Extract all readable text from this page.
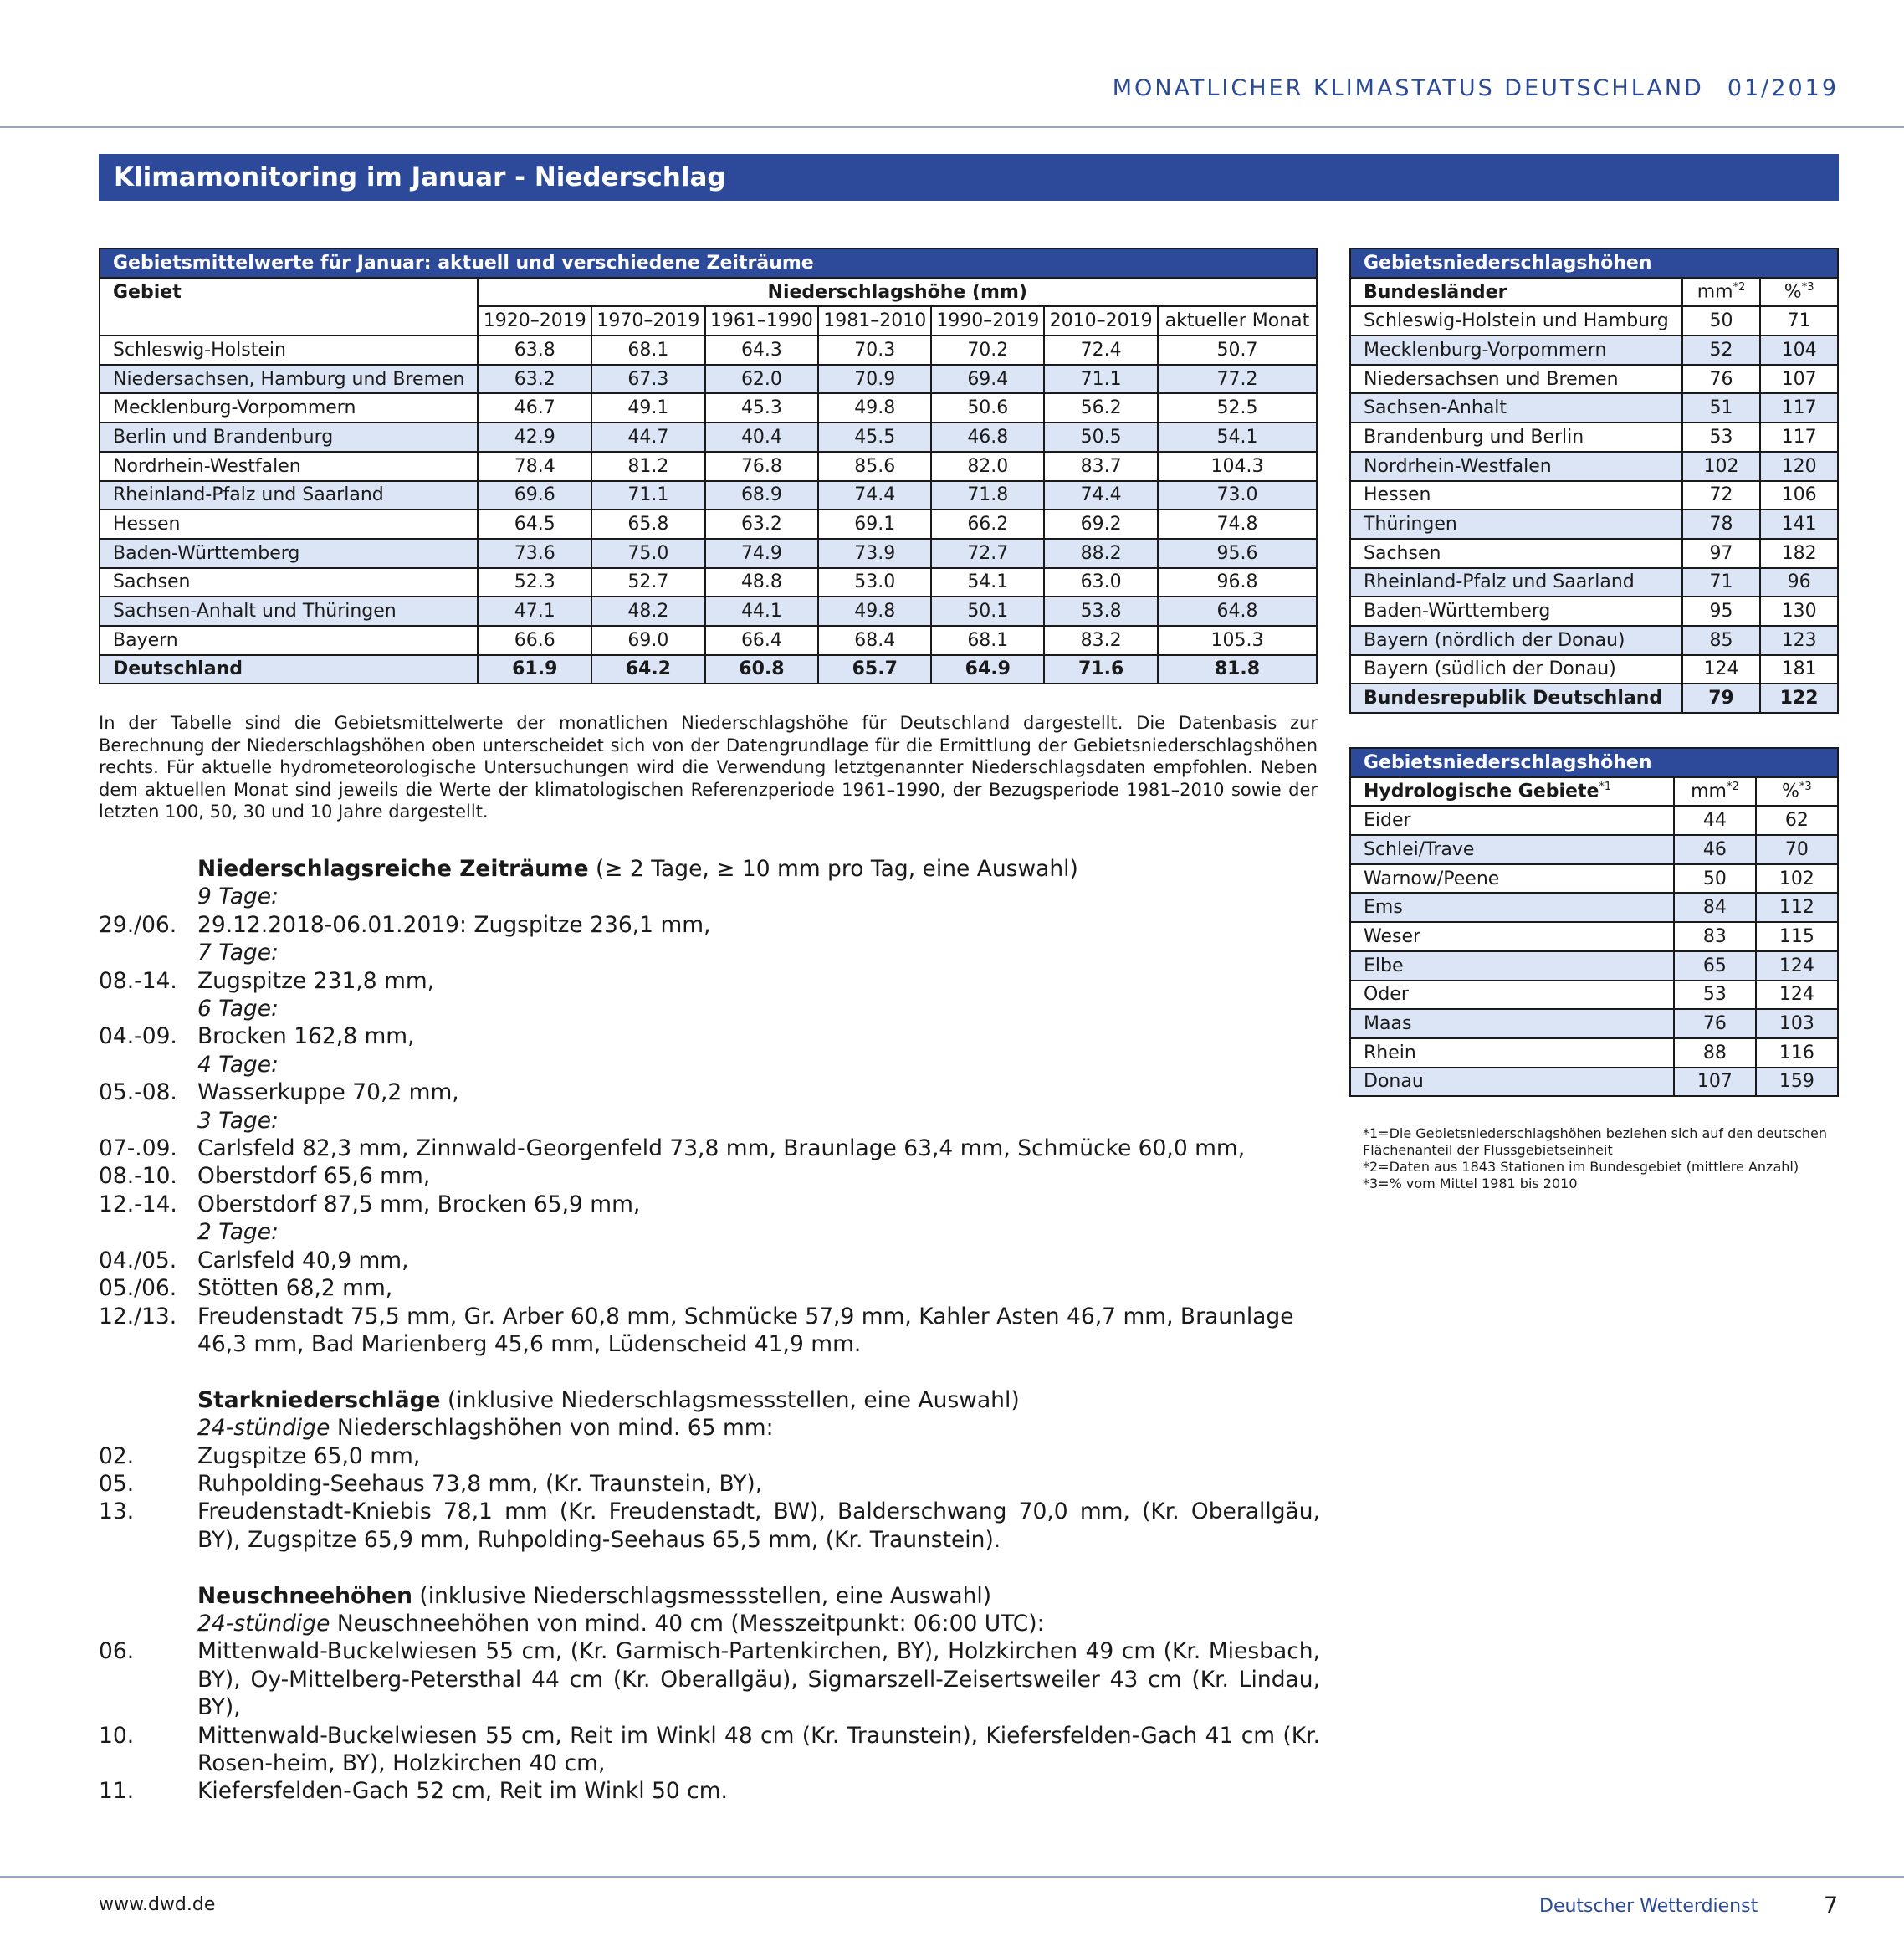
MONATLICHER KLIMASTATUS DEUTSCHLAND 01/2019
Klimamonitoring im Januar - Niederschlag
Gebietsmittelwerte für Januar: aktuell und verschiedene Zeiträume							
Gebiet	Niederschlagshöhe (mm)						
	1920–2019	1970–2019	1961–1990	1981–2010	1990–2019	2010–2019	aktueller Monat
Schleswig-Holstein	63.8	68.1	64.3	70.3	70.2	72.4	50.7
Niedersachsen, Hamburg und Bremen	63.2	67.3	62.0	70.9	69.4	71.1	77.2
Mecklenburg-Vorpommern	46.7	49.1	45.3	49.8	50.6	56.2	52.5
Berlin und Brandenburg	42.9	44.7	40.4	45.5	46.8	50.5	54.1
Nordrhein-Westfalen	78.4	81.2	76.8	85.6	82.0	83.7	104.3
Rheinland-Pfalz und Saarland	69.6	71.1	68.9	74.4	71.8	74.4	73.0
Hessen	64.5	65.8	63.2	69.1	66.2	69.2	74.8
Baden-Württemberg	73.6	75.0	74.9	73.9	72.7	88.2	95.6
Sachsen	52.3	52.7	48.8	53.0	54.1	63.0	96.8
Sachsen-Anhalt und Thüringen	47.1	48.2	44.1	49.8	50.1	53.8	64.8
Bayern	66.6	69.0	66.4	68.4	68.1	83.2	105.3
Deutschland	61.9	64.2	60.8	65.7	64.9	71.6	81.8
In der Tabelle sind die Gebietsmittelwerte der monatlichen Niederschlagshöhe für Deutschland dargestellt. Die Datenbasis zur Berechnung der Niederschlagshöhen oben unterscheidet sich von der Datengrundlage für die Ermittlung der Gebietsniederschlagshöhen rechts. Für aktuelle hydrometeorologische Untersuchungen wird die Verwendung letztgenannter Niederschlagsdaten empfohlen. Neben dem aktuellen Monat sind jeweils die Werte der klimatologischen Referenzperiode 1961–1990, der Bezugsperiode 1981–2010 sowie der letzten 100, 50, 30 und 10 Jahre dargestellt.
Gebietsniederschlagshöhen		
Bundesländer	$mm^{*2}$	%$^{*3}$
Schleswig-Holstein und Hamburg	50	71
Mecklenburg-Vorpommern	52	104
Niedersachsen und Bremen	76	107
Sachsen-Anhalt	51	117
Brandenburg und Berlin	53	117
Nordrhein-Westfalen	102	120
Hessen	72	106
Thüringen	78	141
Sachsen	97	182
Rheinland-Pfalz und Saarland	71	96
Baden-Württemberg	95	130
Bayern (nördlich der Donau)	85	123
Bayern (südlich der Donau)	124	181
Bundesrepublik Deutschland	79	122
Gebietsniederschlagshöhen		
Hydrologische Gebiete$^{*1}$	$mm^{*2}$	%$^{*3}$
Eider	44	62
Schlei/Trave	46	70
Warnow/Peene	50	102
Ems	84	112
Weser	83	115
Elbe	65	124
Oder	53	124
Maas	76	103
Rhein	88	116
Donau	107	159
*1=Die Gebietsniederschlagshöhen beziehen sich auf den deutschen Flächenanteil der Flussgebietseinheit
*2=Daten aus 1843 Stationen im Bundesgebiet (mittlere Anzahl)
*3=% vom Mittel 1981 bis 2010
Niederschlagsreiche Zeiträume (≥ 2 Tage, ≥ 10 mm pro Tag, eine Auswahl)
9 Tage:
29./06. 29.12.2018-06.01.2019: Zugspitze 236,1 mm,
7 Tage:
08.-14. Zugspitze 231,8 mm,
6 Tage:
04.-09. Brocken 162,8 mm,
4 Tage:
05.-08. Wasserkuppe 70,2 mm,
3 Tage:
07-.09. Carlsfeld 82,3 mm, Zinnwald-Georgenfeld 73,8 mm, Braunlage 63,4 mm, Schmücke 60,0 mm,
08.-10. Oberstdorf 65,6 mm,
12.-14. Oberstdorf 87,5 mm, Brocken 65,9 mm,
2 Tage:
04./05. Carlsfeld 40,9 mm,
05./06. Stötten 68,2 mm,
12./13. Freudenstadt 75,5 mm, Gr. Arber 60,8 mm, Schmücke 57,9 mm, Kahler Asten 46,7 mm, Braunlage 46,3 mm, Bad Marienberg 45,6 mm, Lüdenscheid 41,9 mm.
Starkniederschläge (inklusive Niederschlagsmessstellen, eine Auswahl)
24-stündige Niederschlagshöhen von mind. 65 mm:
02.	Zugspitze 65,0 mm,
05.	Ruhpolding-Seehaus 73,8 mm, (Kr. Traunstein, BY),
13.	Freudenstadt-Kniebis 78,1 mm (Kr. Freudenstadt, BW), Balderschwang 70,0 mm, (Kr. Oberallgäu, BY), Zugspitze 65,9 mm, Ruhpolding-Seehaus 65,5 mm, (Kr. Traunstein).
Neuschneehöhen (inklusive Niederschlagsmessstellen, eine Auswahl)
24-stündige Neuschneehöhen von mind. 40 cm (Messzeitpunkt: 06:00 UTC):
06.	Mittenwald-Buckelwiesen 55 cm, (Kr. Garmisch-Partenkirchen, BY), Holzkirchen 49 cm (Kr. Miesbach, BY), Oy-Mittelberg-Petersthal 44 cm (Kr. Oberallgäu), Sigmarszell-Zeisertsweiler 43 cm (Kr. Lindau, BY),
10.	Mittenwald-Buckelwiesen 55 cm, Reit im Winkl 48 cm (Kr. Traunstein), Kiefersfelden-Gach 41 cm (Kr. Rosen-heim, BY), Holzkirchen 40 cm,
11.	Kiefersfelden-Gach 52 cm, Reit im Winkl 50 cm.
www.dwd.de	Deutscher Wetterdienst	7
